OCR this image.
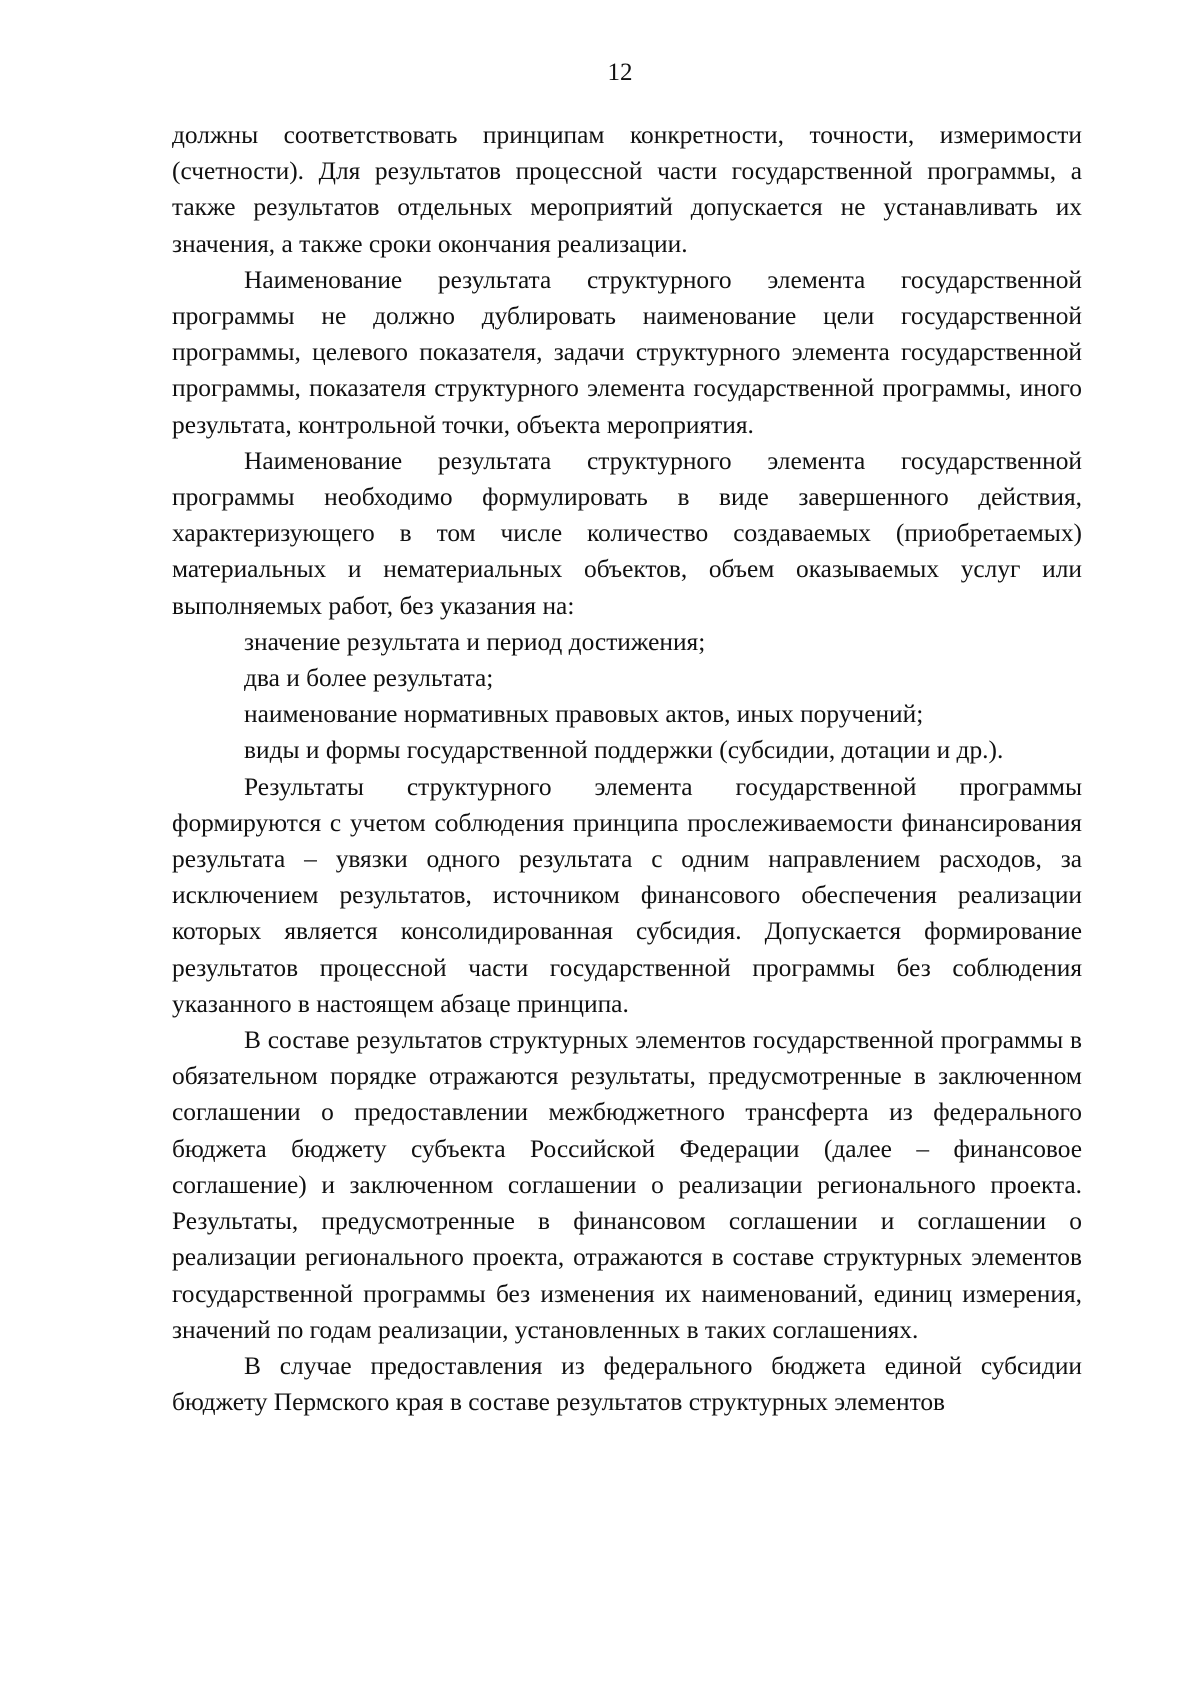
12

должны соответствовать принципам конкретности, точности, измеримости (счетности). Для результатов процессной части государственной программы, а также результатов отдельных мероприятий допускается не устанавливать их значения, а также сроки окончания реализации.

Наименование результата структурного элемента государственной программы не должно дублировать наименование цели государственной программы, целевого показателя, задачи структурного элемента государственной программы, показателя структурного элемента государственной программы, иного результата, контрольной точки, объекта мероприятия.

Наименование результата структурного элемента государственной программы необходимо формулировать в виде завершенного действия, характеризующего в том числе количество создаваемых (приобретаемых) материальных и нематериальных объектов, объем оказываемых услуг или выполняемых работ, без указания на:

значение результата и период достижения;

два и более результата;

наименование нормативных правовых актов, иных поручений;

виды и формы государственной поддержки (субсидии, дотации и др.).

Результаты структурного элемента государственной программы формируются с учетом соблюдения принципа прослеживаемости финансирования результата – увязки одного результата с одним направлением расходов, за исключением результатов, источником финансового обеспечения реализации которых является консолидированная субсидия. Допускается формирование результатов процессной части государственной программы без соблюдения указанного в настоящем абзаце принципа.

В составе результатов структурных элементов государственной программы в обязательном порядке отражаются результаты, предусмотренные в заключенном соглашении о предоставлении межбюджетного трансферта из федерального бюджета бюджету субъекта Российской Федерации (далее – финансовое соглашение) и заключенном соглашении о реализации регионального проекта. Результаты, предусмотренные в финансовом соглашении и соглашении о реализации регионального проекта, отражаются в составе структурных элементов государственной программы без изменения их наименований, единиц измерения, значений по годам реализации, установленных в таких соглашениях.

В случае предоставления из федерального бюджета единой субсидии бюджету Пермского края в составе результатов структурных элементов
